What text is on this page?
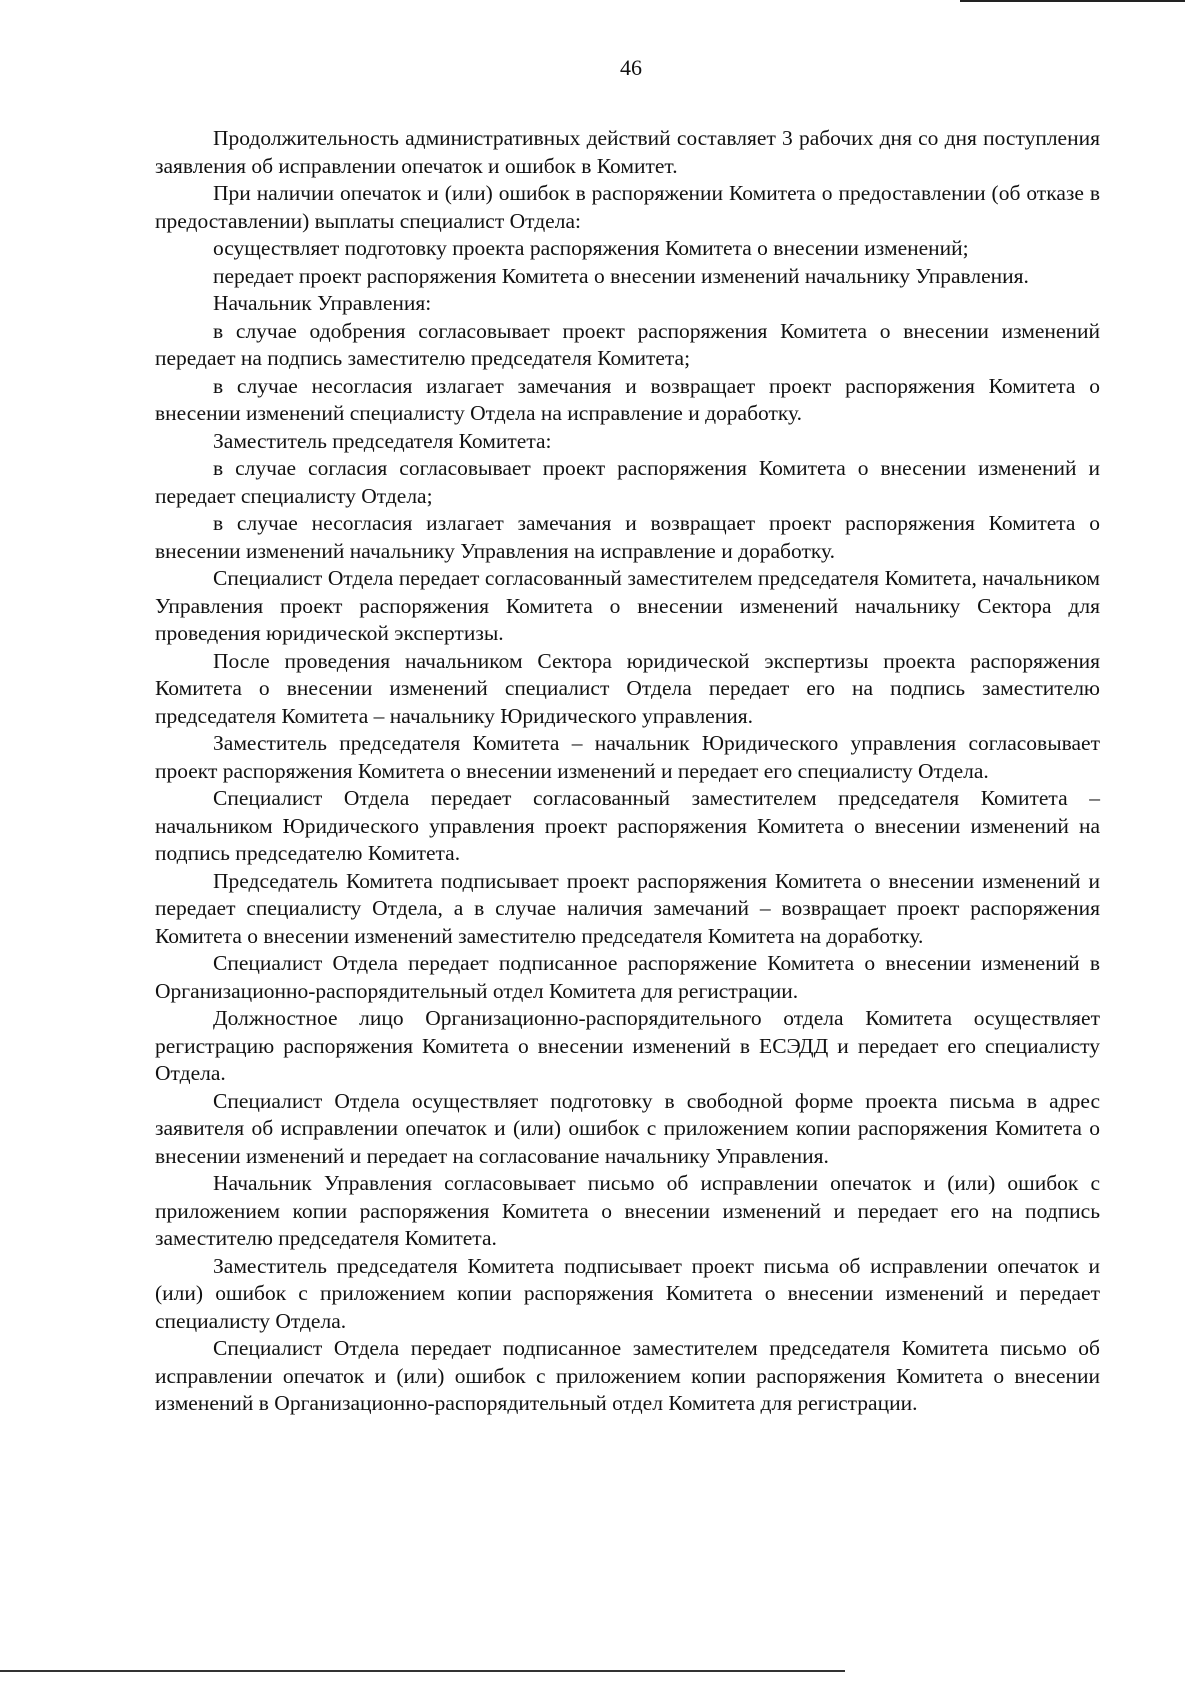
46

Продолжительность административных действий составляет 3 рабочих дня со дня поступления заявления об исправлении опечаток и ошибок в Комитет.

При наличии опечаток и (или) ошибок в распоряжении Комитета о предоставлении (об отказе в предоставлении) выплаты специалист Отдела:

осуществляет подготовку проекта распоряжения Комитета о внесении изменений;

передает проект распоряжения Комитета о внесении изменений начальнику Управления.

Начальник Управления:

в случае одобрения согласовывает проект распоряжения Комитета о внесении изменений передает на подпись заместителю председателя Комитета;

в случае несогласия излагает замечания и возвращает проект распоряжения Комитета о внесении изменений специалисту Отдела на исправление и доработку.

Заместитель председателя Комитета:

в случае согласия согласовывает проект распоряжения Комитета о внесении изменений и передает специалисту Отдела;

в случае несогласия излагает замечания и возвращает проект распоряжения Комитета о внесении изменений начальнику Управления на исправление и доработку.

Специалист Отдела передает согласованный заместителем председателя Комитета, начальником Управления проект распоряжения Комитета о внесении изменений начальнику Сектора для проведения юридической экспертизы.

После проведения начальником Сектора юридической экспертизы проекта распоряжения Комитета о внесении изменений специалист Отдела передает его на подпись заместителю председателя Комитета – начальнику Юридического управления.

Заместитель председателя Комитета – начальник Юридического управления согласовывает проект распоряжения Комитета о внесении изменений и передает его специалисту Отдела.

Специалист Отдела передает согласованный заместителем председателя Комитета – начальником Юридического управления проект распоряжения Комитета о внесении изменений на подпись председателю Комитета.

Председатель Комитета подписывает проект распоряжения Комитета о внесении изменений и передает специалисту Отдела, а в случае наличия замечаний – возвращает проект распоряжения Комитета о внесении изменений заместителю председателя Комитета на доработку.

Специалист Отдела передает подписанное распоряжение Комитета о внесении изменений в Организационно-распорядительный отдел Комитета для регистрации.

Должностное лицо Организационно-распорядительного отдела Комитета осуществляет регистрацию распоряжения Комитета о внесении изменений в ЕСЭДД и передает его специалисту Отдела.

Специалист Отдела осуществляет подготовку в свободной форме проекта письма в адрес заявителя об исправлении опечаток и (или) ошибок с приложением копии распоряжения Комитета о внесении изменений и передает на согласование начальнику Управления.

Начальник Управления согласовывает письмо об исправлении опечаток и (или) ошибок с приложением копии распоряжения Комитета о внесении изменений и передает его на подпись заместителю председателя Комитета.

Заместитель председателя Комитета подписывает проект письма об исправлении опечаток и (или) ошибок с приложением копии распоряжения Комитета о внесении изменений и передает специалисту Отдела.

Специалист Отдела передает подписанное заместителем председателя Комитета письмо об исправлении опечаток и (или) ошибок с приложением копии распоряжения Комитета о внесении изменений в Организационно-распорядительный отдел Комитета для регистрации.
